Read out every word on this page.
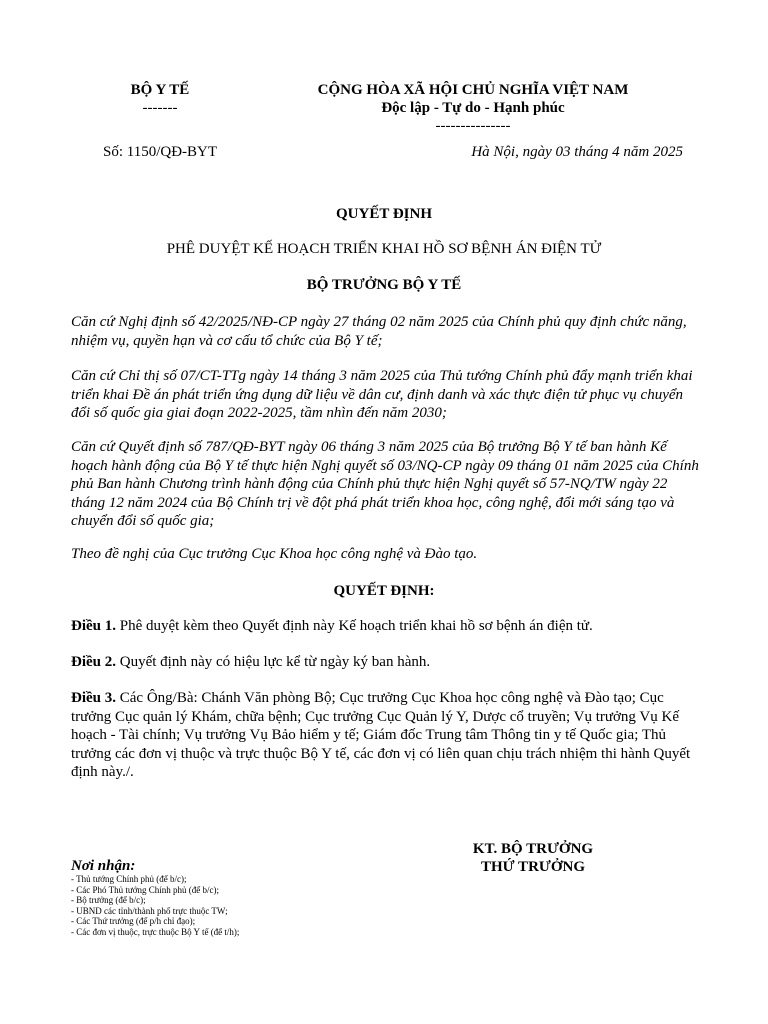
BỘ Y TẾ
-------
CỘNG HÒA XÃ HỘI CHỦ NGHĨA VIỆT NAM
Độc lập - Tự do - Hạnh phúc
---------------
Số: 1150/QĐ-BYT	Hà Nội, ngày 03 tháng 4 năm 2025
QUYẾT ĐỊNH
PHÊ DUYỆT KẾ HOẠCH TRIỂN KHAI HỒ SƠ BỆNH ÁN ĐIỆN TỬ
BỘ TRƯỞNG BỘ Y TẾ

Căn cứ Nghị định số 42/2025/NĐ-CP ngày 27 tháng 02 năm 2025 của Chính phủ quy định chức năng, nhiệm vụ, quyền hạn và cơ cấu tổ chức của Bộ Y tế;

Căn cứ Chỉ thị số 07/CT-TTg ngày 14 tháng 3 năm 2025 của Thủ tướng Chính phủ đẩy mạnh triển khai triển khai Đề án phát triển ứng dụng dữ liệu về dân cư, định danh và xác thực điện tử phục vụ chuyển đổi số quốc gia giai đoạn 2022-2025, tầm nhìn đến năm 2030;

Căn cứ Quyết định số 787/QĐ-BYT ngày 06 tháng 3 năm 2025 của Bộ trưởng Bộ Y tế ban hành Kế hoạch hành động của Bộ Y tế thực hiện Nghị quyết số 03/NQ-CP ngày 09 tháng 01 năm 2025 của Chính phủ Ban hành Chương trình hành động của Chính phủ thực hiện Nghị quyết số 57-NQ/TW ngày 22 tháng 12 năm 2024 của Bộ Chính trị về đột phá phát triển khoa học, công nghệ, đổi mới sáng tạo và chuyển đổi số quốc gia;

Theo đề nghị của Cục trưởng Cục Khoa học công nghệ và Đào tạo.

QUYẾT ĐỊNH:

Điều 1. Phê duyệt kèm theo Quyết định này Kế hoạch triển khai hồ sơ bệnh án điện tử.

Điều 2. Quyết định này có hiệu lực kể từ ngày ký ban hành.

Điều 3. Các Ông/Bà: Chánh Văn phòng Bộ; Cục trưởng Cục Khoa học công nghệ và Đào tạo; Cục trưởng Cục quản lý Khám, chữa bệnh; Cục trưởng Cục Quản lý Y, Dược cổ truyền; Vụ trưởng Vụ Kế hoạch - Tài chính; Vụ trưởng Vụ Bảo hiểm y tế; Giám đốc Trung tâm Thông tin y tế Quốc gia; Thủ trưởng các đơn vị thuộc và trực thuộc Bộ Y tế, các đơn vị có liên quan chịu trách nhiệm thi hành Quyết định này./.

KT. BỘ TRƯỞNG
THỨ TRƯỞNG
Nơi nhận:
- Thủ tướng Chính phủ (để b/c);
- Các Phó Thủ tướng Chính phủ (để b/c);
- Bộ trưởng (để b/c);
- UBND các tỉnh/thành phố trực thuộc TW;
- Các Thứ trưởng (để p/h chỉ đạo);
- Các đơn vị thuộc, trực thuộc Bộ Y tế (để t/h);
